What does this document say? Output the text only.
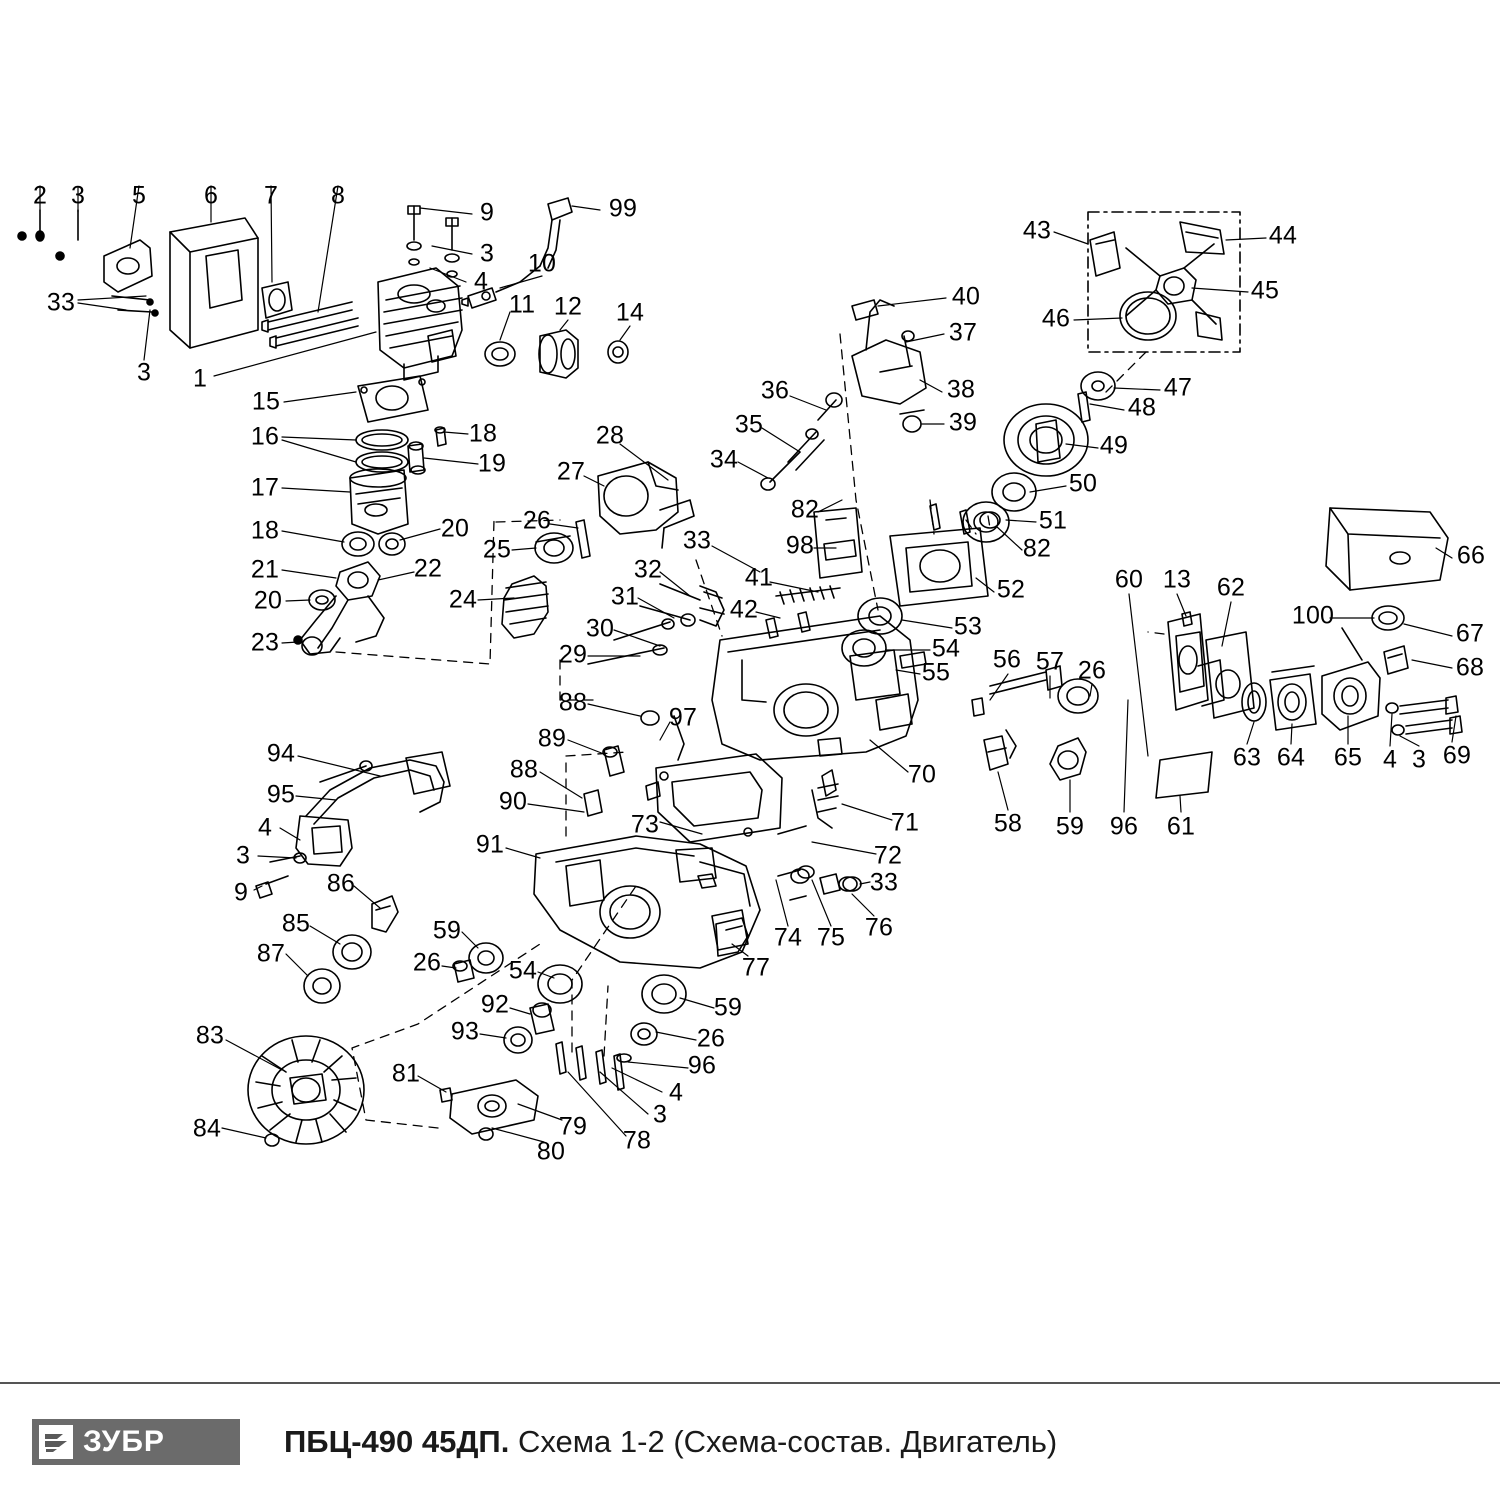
2 3 5 6 7 8
9	99
3
4
10
33	11 12 14
3 1
15
16	18
19
17
18	20
21	22
20
23
24
25
26
27
28
32
31
30
29
33
41
42
34
35
36
98
82
40
37
38
39
82
52
53
54
55
43	44
45
46
47
48
49
50
51
56 57 26
60 13 62
66
100
67
68
63 64 65 4 3 69
61
96
59
58
70
71
72
33
88
89
97
88
90
73
91
94
95
4
3
9	86
85
87
59
26	54
92
93
59
26
96
4
3
78
79
80
81
83
84
74 75 76
77
ЗУБР	ПБЦ-490 45ДП. Схема 1-2 (Схема-состав. Двигатель)
